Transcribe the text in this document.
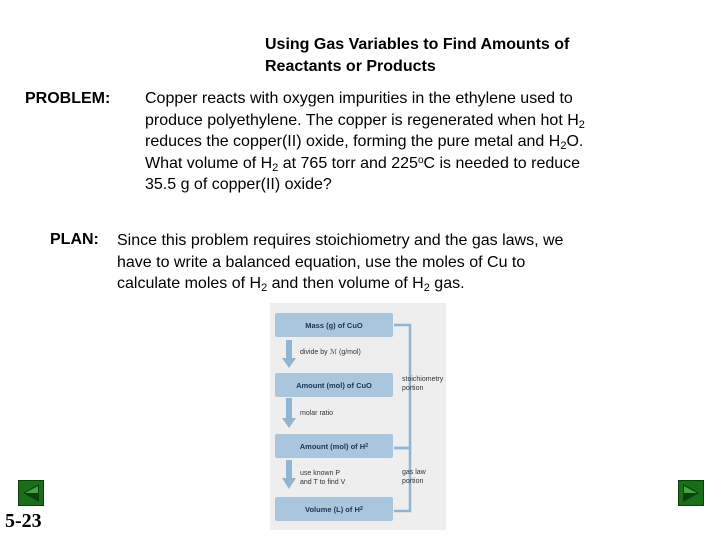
Using Gas Variables to Find Amounts of
Reactants or Products
PROBLEM: Copper reacts with oxygen impurities in the ethylene used to
produce polyethylene. The copper is regenerated when hot $H_2$
reduces the copper(II) oxide, forming the pure metal and $H_2O$.
What volume of $H_2$ at 765 torr and 225$^o$C is needed to reduce
35.5 g of copper(II) oxide?
PLAN: Since this problem requires stoichiometry and the gas laws, we
have to write a balanced equation, use the moles of Cu to
calculate moles of $H_2$ and then volume of $H_2$ gas.
Mass (g) of CuO
divide by ℳ (g/mol)
Amount (mol) of CuO
molar ratio
Amount (mol) of H 2
use known P
and T to find V
Volume (L) of H 2
stoichiometry
portion
gas law
portion
5-23
